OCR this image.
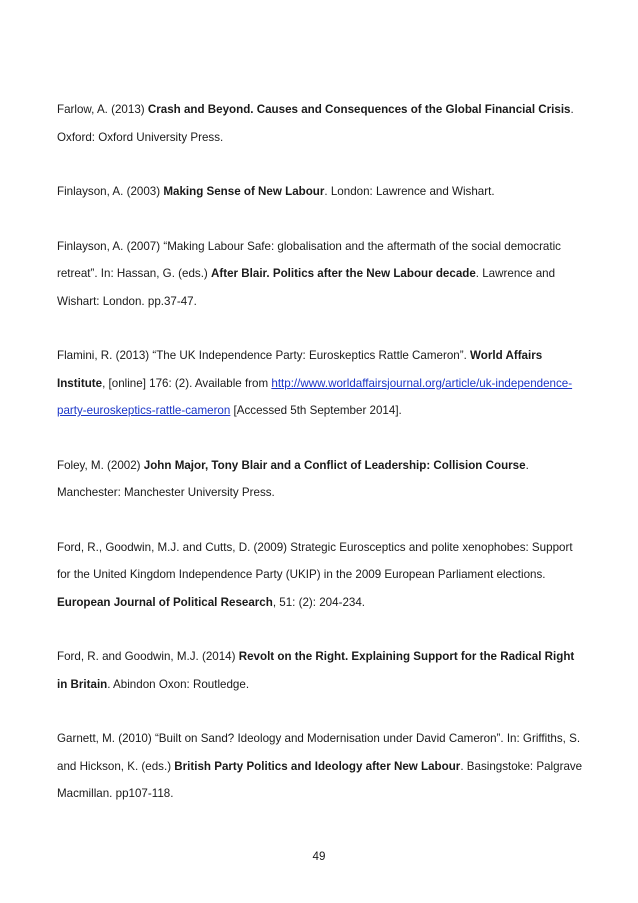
Farlow, A. (2013) Crash and Beyond. Causes and Consequences of the Global Financial Crisis. Oxford: Oxford University Press.

Finlayson, A. (2003) Making Sense of New Labour. London: Lawrence and Wishart.

Finlayson, A. (2007) “Making Labour Safe: globalisation and the aftermath of the social democratic retreat”. In: Hassan, G. (eds.) After Blair. Politics after the New Labour decade. Lawrence and Wishart: London. pp.37-47.

Flamini, R. (2013) “The UK Independence Party: Euroskeptics Rattle Cameron”. World Affairs Institute, [online] 176: (2). Available from http://www.worldaffairsjournal.org/article/uk-independence-party-euroskeptics-rattle-cameron [Accessed 5th September 2014].

Foley, M. (2002) John Major, Tony Blair and a Conflict of Leadership: Collision Course. Manchester: Manchester University Press.

Ford, R., Goodwin, M.J. and Cutts, D. (2009) Strategic Eurosceptics and polite xenophobes: Support for the United Kingdom Independence Party (UKIP) in the 2009 European Parliament elections. European Journal of Political Research, 51: (2): 204-234.

Ford, R. and Goodwin, M.J. (2014) Revolt on the Right. Explaining Support for the Radical Right in Britain. Abindon Oxon: Routledge.

Garnett, M. (2010) “Built on Sand? Ideology and Modernisation under David Cameron”. In: Griffiths, S. and Hickson, K. (eds.) British Party Politics and Ideology after New Labour. Basingstoke: Palgrave Macmillan. pp107-118.

49
